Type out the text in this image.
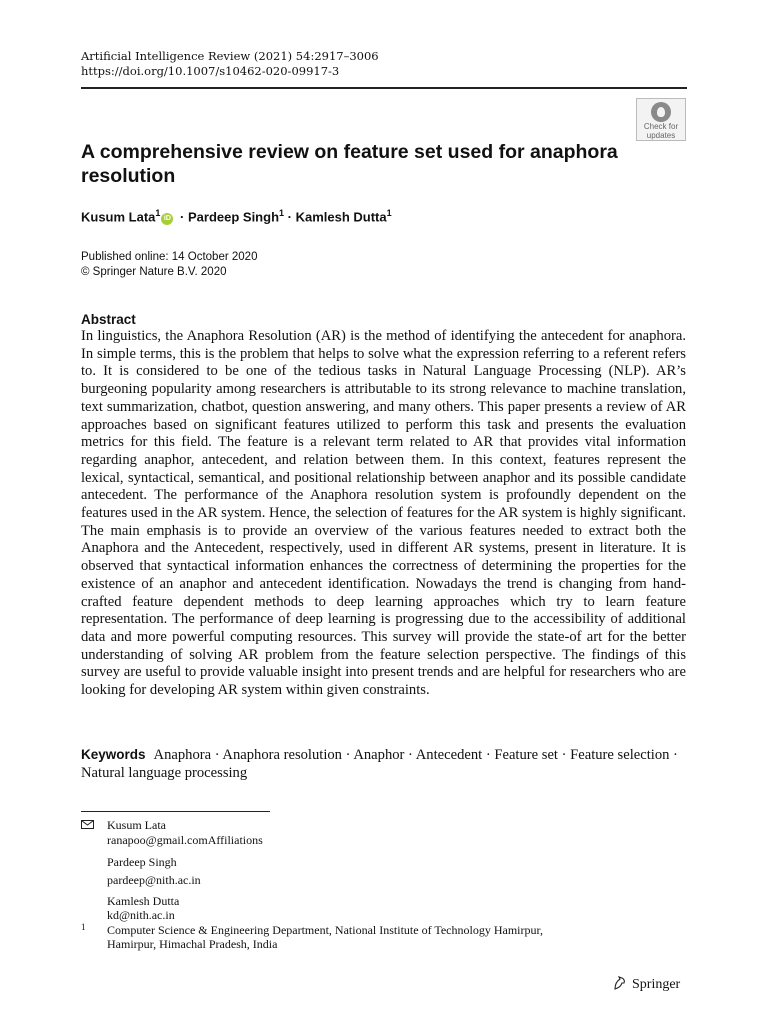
Artificial Intelligence Review (2021) 54:2917–3006
https://doi.org/10.1007/s10462-020-09917-3
Check for
updates
A comprehensive review on feature set used for anaphora resolution
Kusum Lata$^1$iD · Pardeep Singh$^1$ · Kamlesh Dutta$^1$
Published online: 14 October 2020
© Springer Nature B.V. 2020
Abstract
In linguistics, the Anaphora Resolution (AR) is the method of identifying the antecedent for anaphora. In simple terms, this is the problem that helps to solve what the expression referring to a referent refers to. It is considered to be one of the tedious tasks in Natural Language Processing (NLP). AR’s burgeoning popularity among researchers is attributable to its strong relevance to machine translation, text summarization, chatbot, question answering, and many others. This paper presents a review of AR approaches based on significant features utilized to perform this task and presents the evaluation metrics for this field. The feature is a relevant term related to AR that provides vital information regarding anaphor, antecedent, and relation between them. In this context, features represent the lexical, syntactical, semantical, and positional relationship between anaphor and its possible candidate antecedent. The performance of the Anaphora resolution system is profoundly dependent on the features used in the AR system. Hence, the selection of features for the AR system is highly significant. The main emphasis is to provide an overview of the various features needed to extract both the Anaphora and the Antecedent, respectively, used in different AR systems, present in literature. It is observed that syntactical information enhances the correctness of determining the properties for the existence of an anaphor and antecedent identification. Nowadays the trend is changing from hand-crafted feature dependent methods to deep learning approaches which try to learn feature representation. The performance of deep learning is progressing due to the accessibility of additional data and more powerful computing resources. This survey will provide the state-of art for the better understanding of solving AR problem from the feature selection perspective. The findings of this survey are useful to provide valuable insight into present trends and are helpful for researchers who are looking for developing AR system within given constraints.
Keywords Anaphora · Anaphora resolution · Anaphor · Antecedent · Feature set · Feature selection · Natural language processing
Kusum Lata
ranapoo@gmail.comAffiliations
Pardeep Singh
pardeep@nith.ac.in
Kamlesh Dutta
kd@nith.ac.in
1 Computer Science & Engineering Department, National Institute of Technology Hamirpur,
Hamirpur, Himachal Pradesh, India
Springer
